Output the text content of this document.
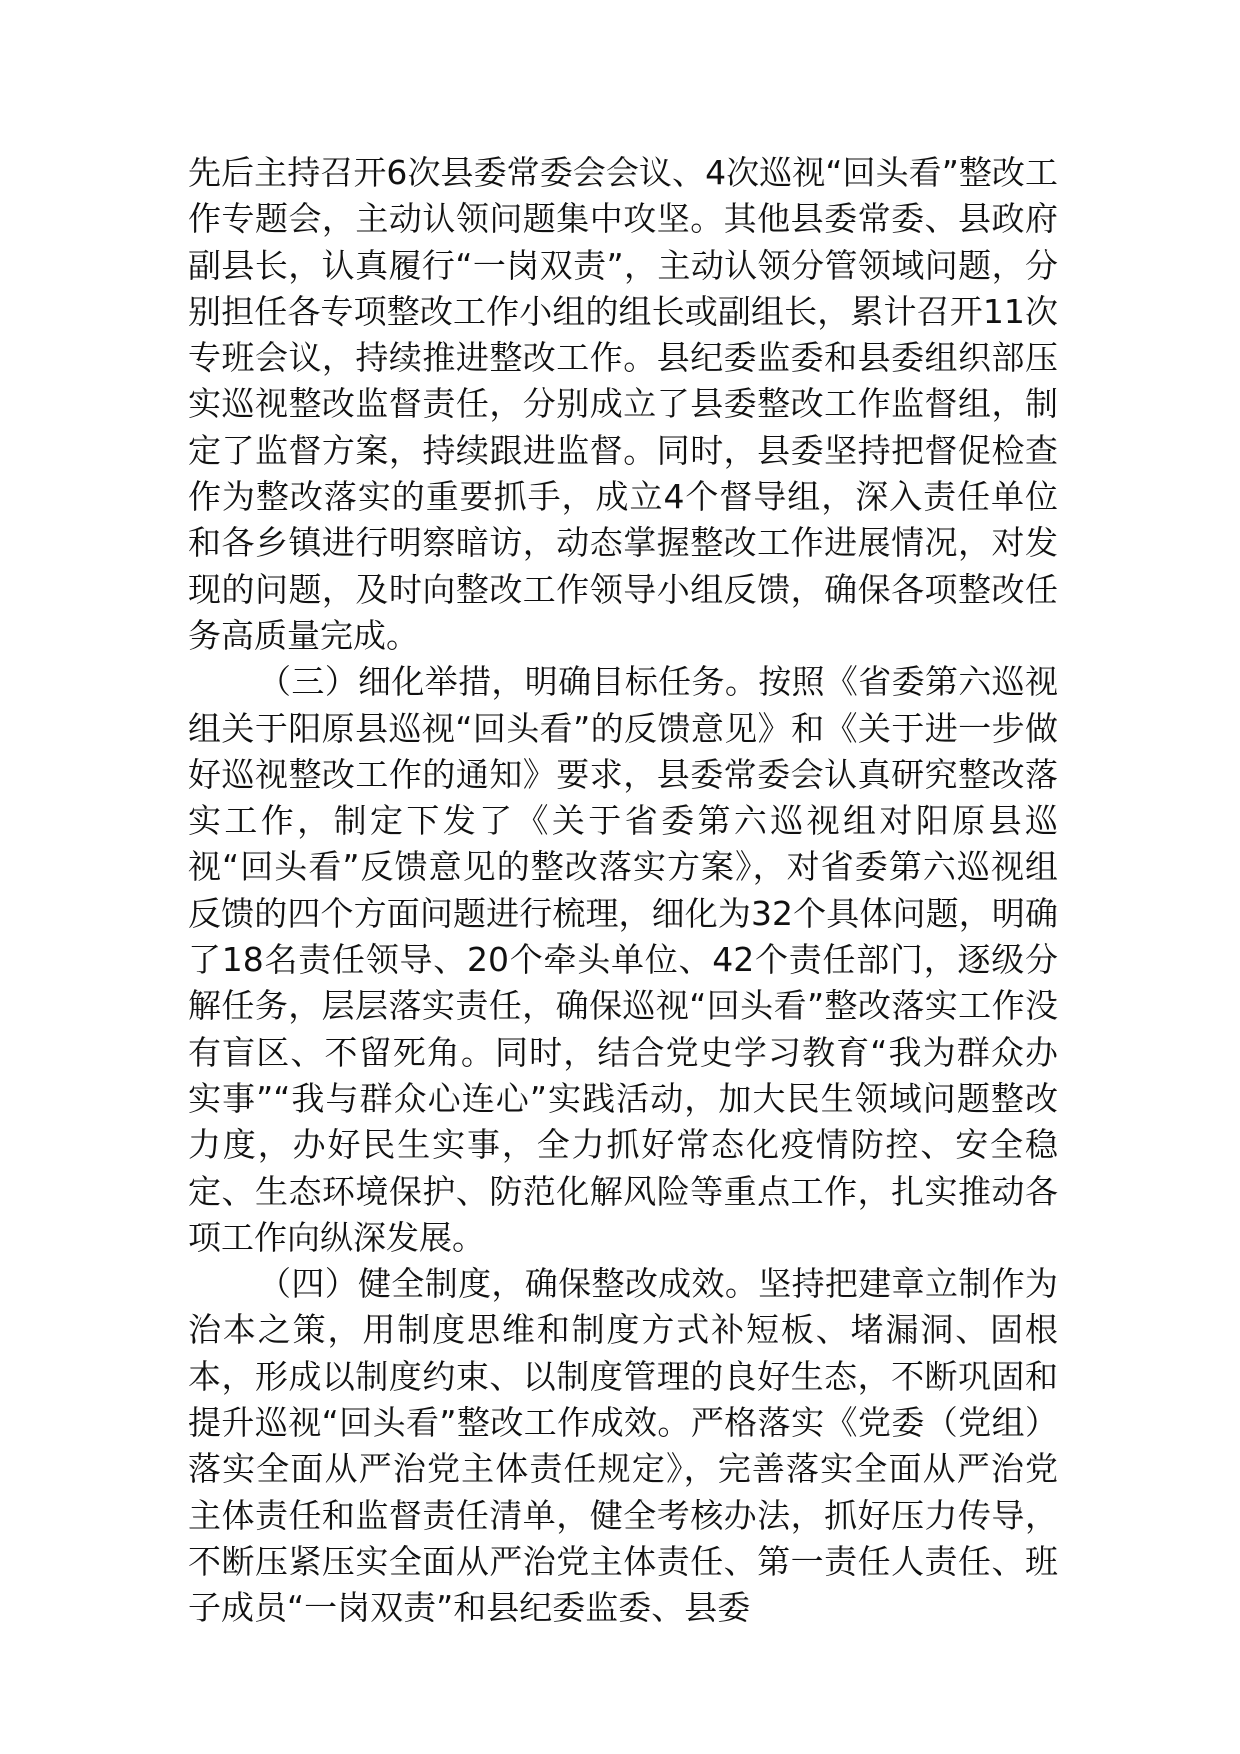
先后主持召开6次县委常委会会议、4次巡视“回头看”整改工作专题会，主动认领问题集中攻坚。其他县委常委、县政府副县长，认真履行“一岗双责”，主动认领分管领域问题，分别担任各专项整改工作小组的组长或副组长，累计召开11次专班会议，持续推进整改工作。县纪委监委和县委组织部压实巡视整改监督责任，分别成立了县委整改工作监督组，制定了监督方案，持续跟进监督。同时，县委坚持把督促检查作为整改落实的重要抓手，成立4个督导组，深入责任单位和各乡镇进行明察暗访，动态掌握整改工作进展情况，对发现的问题，及时向整改工作领导小组反馈，确保各项整改任务高质量完成。

（三）细化举措，明确目标任务。按照《省委第六巡视组关于阳原县巡视“回头看”的反馈意见》和《关于进一步做好巡视整改工作的通知》要求，县委常委会认真研究整改落实工作，制定下发了《关于省委第六巡视组对阳原县巡视“回头看”反馈意见的整改落实方案》，对省委第六巡视组反馈的四个方面问题进行梳理，细化为32个具体问题，明确了18名责任领导、20个牵头单位、42个责任部门，逐级分解任务，层层落实责任，确保巡视“回头看”整改落实工作没有盲区、不留死角。同时，结合党史学习教育“我为群众办实事”“我与群众心连心”实践活动，加大民生领域问题整改力度，办好民生实事，全力抓好常态化疫情防控、安全稳定、生态环境保护、防范化解风险等重点工作，扎实推动各项工作向纵深发展。

（四）健全制度，确保整改成效。坚持把建章立制作为治本之策，用制度思维和制度方式补短板、堵漏洞、固根本，形成以制度约束、以制度管理的良好生态，不断巩固和提升巡视“回头看”整改工作成效。严格落实《党委（党组）落实全面从严治党主体责任规定》，完善落实全面从严治党主体责任和监督责任清单，健全考核办法，抓好压力传导，不断压紧压实全面从严治党主体责任、第一责任人责任、班子成员“一岗双责”和县纪委监委、县委
